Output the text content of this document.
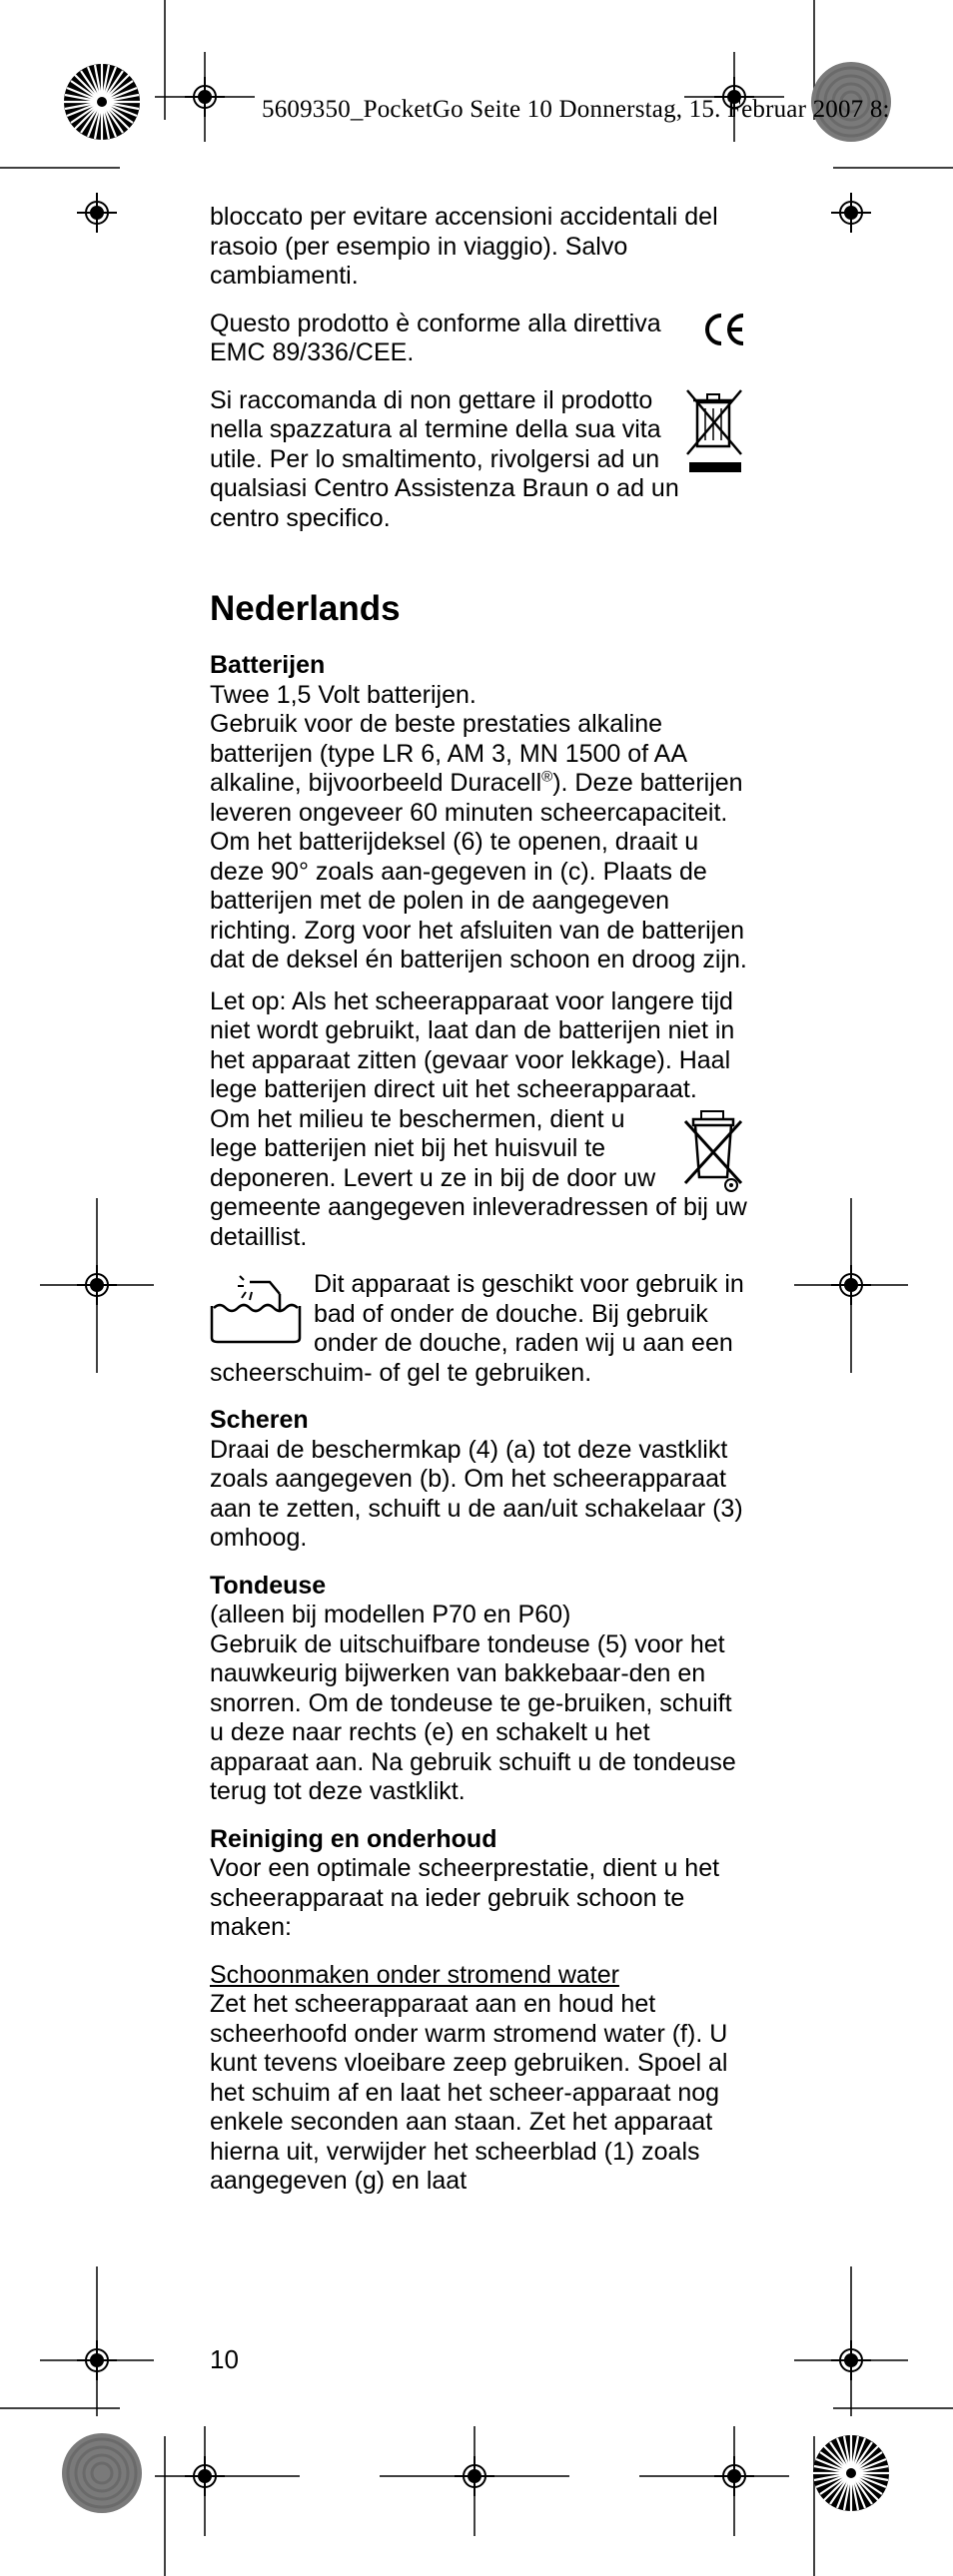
5609350_PocketGo Seite 10 Donnerstag, 15. Februar 2007 8:

bloccato per evitare accensioni accidentali del rasoio (per esempio in viaggio). Salvo cambiamenti.

Questo prodotto è conforme alla direttiva EMC 89/336/CEE.

Si raccomanda di non gettare il prodotto nella spazzatura al termine della sua vita utile. Per lo smaltimento, rivolgersi ad un qualsiasi Centro Assistenza Braun o ad un centro specifico.

Nederlands

Batterijen

Twee 1,5 Volt batterijen.

Gebruik voor de beste prestaties alkaline batterijen (type LR 6, AM 3, MN 1500 of AA alkaline, bijvoorbeeld Duracell®). Deze batterijen leveren ongeveer 60 minuten scheercapaciteit. Om het batterijdeksel (6) te openen, draait u deze 90° zoals aan-gegeven in (c). Plaats de batterijen met de polen in de aangegeven richting. Zorg voor het afsluiten van de batterijen dat de deksel én batterijen schoon en droog zijn.

Let op: Als het scheerapparaat voor langere tijd niet wordt gebruikt, laat dan de batterijen niet in het apparaat zitten (gevaar voor lekkage). Haal lege batterijen direct uit het scheerapparaat.

Om het milieu te beschermen, dient u lege batterijen niet bij het huisvuil te deponeren. Levert u ze in bij de door uw gemeente aangegeven inleveradressen of bij uw detaillist.

Dit apparaat is geschikt voor gebruik in bad of onder de douche. Bij gebruik onder de douche, raden wij u aan een scheerschuim- of gel te gebruiken.

Scheren

Draai de beschermkap (4) (a) tot deze vastklikt zoals aangegeven (b). Om het scheerapparaat aan te zetten, schuift u de aan/uit schakelaar (3) omhoog.

Tondeuse

(alleen bij modellen P70 en P60)

Gebruik de uitschuifbare tondeuse (5) voor het nauwkeurig bijwerken van bakkebaar-den en snorren. Om de tondeuse te ge-bruiken, schuift u deze naar rechts (e) en schakelt u het apparaat aan. Na gebruik schuift u de tondeuse terug tot deze vastklikt.

Reiniging en onderhoud

Voor een optimale scheerprestatie, dient u het scheerapparaat na ieder gebruik schoon te maken:

Schoonmaken onder stromend water

Zet het scheerapparaat aan en houd het scheerhoofd onder warm stromend water (f). U kunt tevens vloeibare zeep gebruiken. Spoel al het schuim af en laat het scheer-apparaat nog enkele seconden aan staan. Zet het apparaat hierna uit, verwijder het scheerblad (1) zoals aangegeven (g) en laat

10
